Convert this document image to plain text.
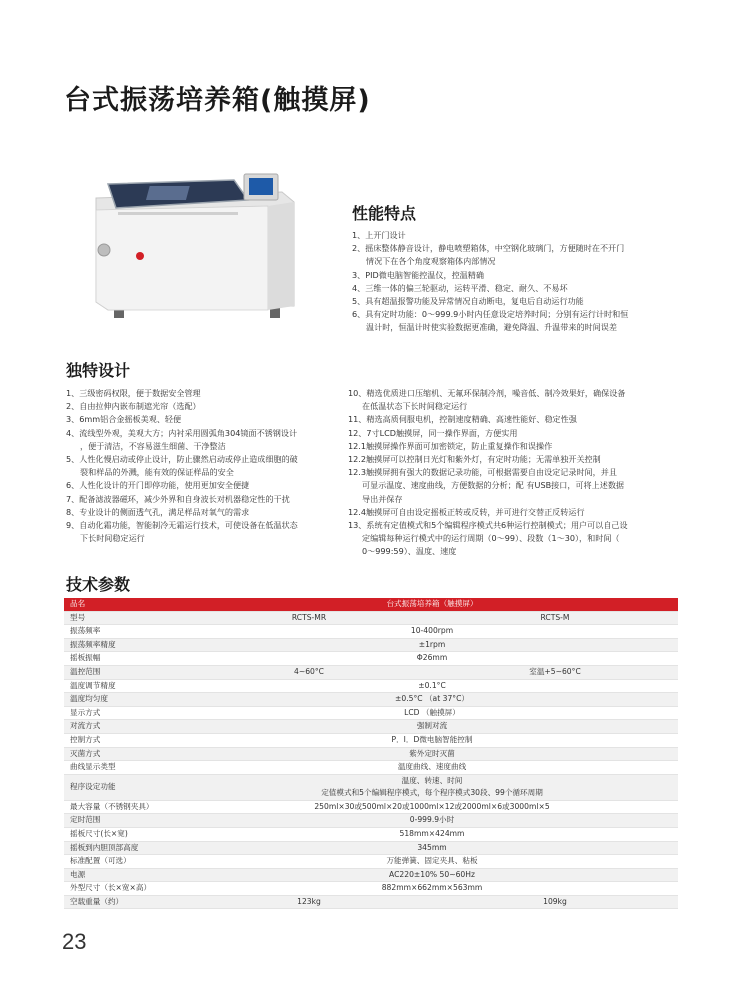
台式振荡培养箱(触摸屏)
性能特点
1、上开门设计
2、摇床整体静音设计，静电喷塑箱体，中空钢化玻璃门，方便随时在不开门
情况下在各个角度观察箱体内部情况
3、PID微电脑智能控温仪，控温精确
4、三维一体的偏三轮驱动，运转平滑、稳定、耐久、不易坏
5、具有超温报警功能及异常情况自动断电，复电后自动运行功能
6、具有定时功能：0～999.9小时内任意设定培养时间；分别有运行计时和恒
温计时，恒温计时使实验数据更准确，避免降温、升温带来的时间误差
独特设计
1、三级密码权限，便于数据安全管理
2、自由拉伸内嵌布制遮光帘（选配）
3、6mm铝合金摇板美观、轻便
4、流线型外观，美观大方；内衬采用圆弧角304镜面不锈钢设计
，便于清洁，不容易滋生细菌、干净整洁
5、人性化慢启动或停止设计，防止骤然启动或停止造成细胞的破
裂和样品的外溅，能有效的保证样品的安全
6、人性化设计的开门即停功能，使用更加安全便捷
7、配备滤波器磁环，减少外界和自身波长对机器稳定性的干扰
8、专业设计的侧面透气孔，满足样品对氧气的需求
9、自动化霜功能，智能制冷无霜运行技术，可使设备在低温状态
下长时间稳定运行
10、精选优质进口压缩机、无氟环保制冷剂，噪音低、制冷效果好，确保设备
在低温状态下长时间稳定运行
11、精选高质伺服电机，控制速度精确、高速性能好、稳定性强
12、7寸LCD触摸屏，同一操作界面，方便实用
12.1触摸屏操作界面可加密锁定，防止重复操作和误操作
12.2触摸屏可以控制日光灯和紫外灯，有定时功能；无需单独开关控制
12.3触摸屏拥有强大的数据记录功能，可根据需要自由设定记录时间，并且
可显示温度、速度曲线，方便数据的分析；配 有USB接口，可将上述数据
导出并保存
12.4触摸屏可自由设定摇板正转或反转，并可进行交替正反转运行
13、系统有定值模式和5个编辑程序模式共6种运行控制模式；用户可以自己设
定编辑每种运行模式中的运行周期（0～99）、段数（1～30），和时间（
0～999:59）、温度、速度
技术参数
品名	台式振荡培养箱（触摸屏）	
型号	RCTS-MR	RCTS-M
振荡频率	10-400rpm	
振荡频率精度	±1rpm	
摇板振幅	Φ26mm	
温控范围	4~60°C	室温+5~60°C
温度调节精度	±0.1°C	
温度均匀度	±0.5°C （at 37°C）	
显示方式	LCD （触摸屏）	
对流方式	强制对流	
控制方式	P．I．D微电脑智能控制	
灭菌方式	紫外定时灭菌	
曲线显示类型	温度曲线、速度曲线	
程序设定功能	温度、转速、时间
定值模式和5个编辑程序模式，每个程序模式30段、99个循环周期	

最大容量（不锈钢夹具）	250ml×30或500ml×20或1000ml×12或2000ml×6或3000ml×5	
定时范围	0-999.9小时	
摇板尺寸(长×宽)	518mm×424mm	
摇板到内胆顶部高度	345mm	
标准配置（可选）	万能弹簧、固定夹具、粘板	
电源	AC220±10% 50~60Hz	
外型尺寸（长×宽×高）	882mm×662mm×563mm	
空载重量（约）	123kg	109kg
23
